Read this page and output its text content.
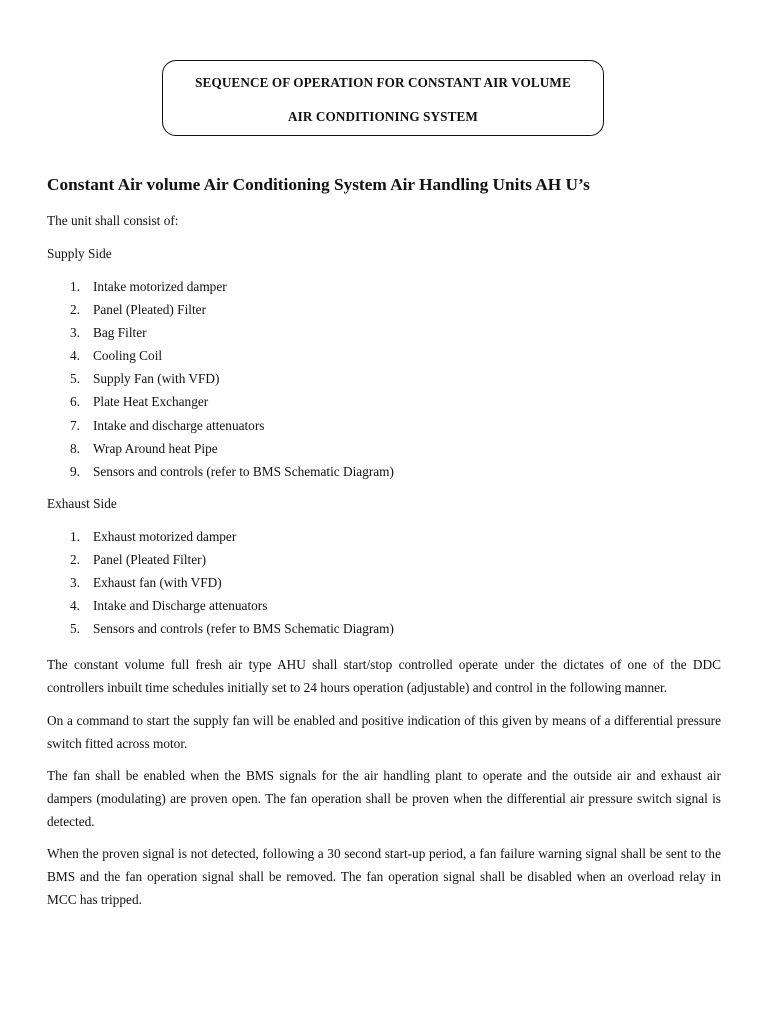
SEQUENCE OF OPERATION FOR CONSTANT AIR VOLUME
AIR CONDITIONING SYSTEM
Constant Air volume Air Conditioning System Air Handling Units AH U’s
The unit shall consist of:
Supply Side
1. Intake motorized damper
2. Panel (Pleated) Filter
3. Bag Filter
4. Cooling Coil
5. Supply Fan (with VFD)
6. Plate Heat Exchanger
7. Intake and discharge attenuators
8. Wrap Around heat Pipe
9. Sensors and controls (refer to BMS Schematic Diagram)
Exhaust Side
1. Exhaust motorized damper
2. Panel (Pleated Filter)
3. Exhaust fan (with VFD)
4. Intake and Discharge attenuators
5. Sensors and controls (refer to BMS Schematic Diagram)

The constant volume full fresh air type AHU shall start/stop controlled operate under the dictates of one of the DDC controllers inbuilt time schedules initially set to 24 hours operation (adjustable) and control in the following manner.

On a command to start the supply fan will be enabled and positive indication of this given by means of a differential pressure switch fitted across motor.

The fan shall be enabled when the BMS signals for the air handling plant to operate and the outside air and exhaust air dampers (modulating) are proven open. The fan operation shall be proven when the differential air pressure switch signal is detected.

When the proven signal is not detected, following a 30 second start-up period, a fan failure warning signal shall be sent to the BMS and the fan operation signal shall be removed. The fan operation signal shall be disabled when an overload relay in MCC has tripped.
